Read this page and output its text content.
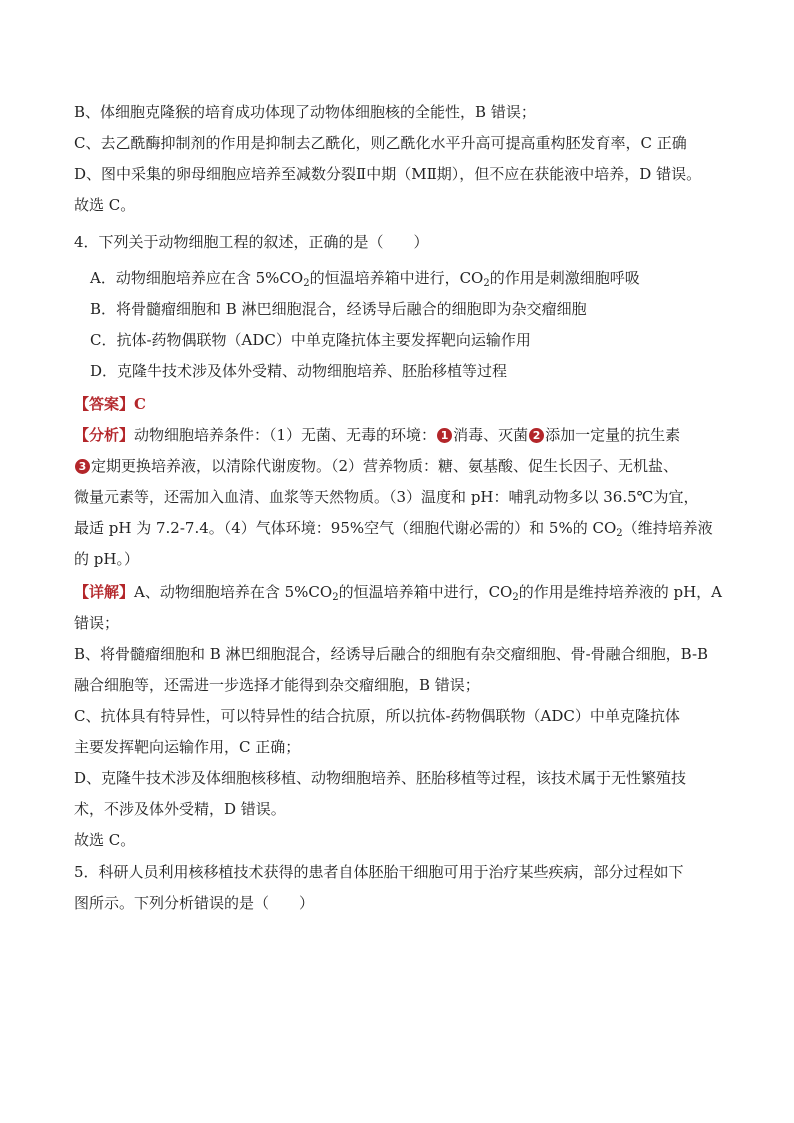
B、体细胞克隆猴的培育成功体现了动物体细胞核的全能性，B 错误；
C、去乙酰酶抑制剂的作用是抑制去乙酰化，则乙酰化水平升高可提高重构胚发育率，C 正确
D、图中采集的卵母细胞应培养至减数分裂Ⅱ中期（MⅡ期），但不应在获能液中培养，D 错误。
故选 C。
4．下列关于动物细胞工程的叙述，正确的是（　　）
A．动物细胞培养应在含 $5\%CO_2$的恒温培养箱中进行，$CO_2$的作用是刺激细胞呼吸
B．将骨髓瘤细胞和 B 淋巴细胞混合，经诱导后融合的细胞即为杂交瘤细胞
C．抗体-药物偶联物（ADC）中单克隆抗体主要发挥靶向运输作用
D．克隆牛技术涉及体外受精、动物细胞培养、胚胎移植等过程
【答案】C
【分析】动物细胞培养条件：（1）无菌、无毒的环境： 1 消毒、灭菌 2 添加一定量的抗生素
3 定期更换培养液，以清除代谢废物。（2）营养物质：糖、氨基酸、促生长因子、无机盐、
微量元素等，还需加入血清、血浆等天然物质。（3）温度和 pH：哺乳动物多以 36.5℃为宜，
最适 pH 为 7.2-7.4。（4）气体环境：95%空气（细胞代谢必需的）和 5%的 $CO_2$（维持培养液
的 pH。）
【详解】A、动物细胞培养在含 $5\%CO_2$的恒温培养箱中进行，$CO_2$的作用是维持培养液的 pH，A
错误；
B、将骨髓瘤细胞和 B 淋巴细胞混合，经诱导后融合的细胞有杂交瘤细胞、骨-骨融合细胞，B-B
融合细胞等，还需进一步选择才能得到杂交瘤细胞，B 错误；
C、抗体具有特异性，可以特异性的结合抗原，所以抗体-药物偶联物（ADC）中单克隆抗体
主要发挥靶向运输作用，C 正确；
D、克隆牛技术涉及体细胞核移植、动物细胞培养、胚胎移植等过程，该技术属于无性繁殖技
术，不涉及体外受精，D 错误。
故选 C。
5．科研人员利用核移植技术获得的患者自体胚胎干细胞可用于治疗某些疾病，部分过程如下
图所示。下列分析错误的是（　　）
